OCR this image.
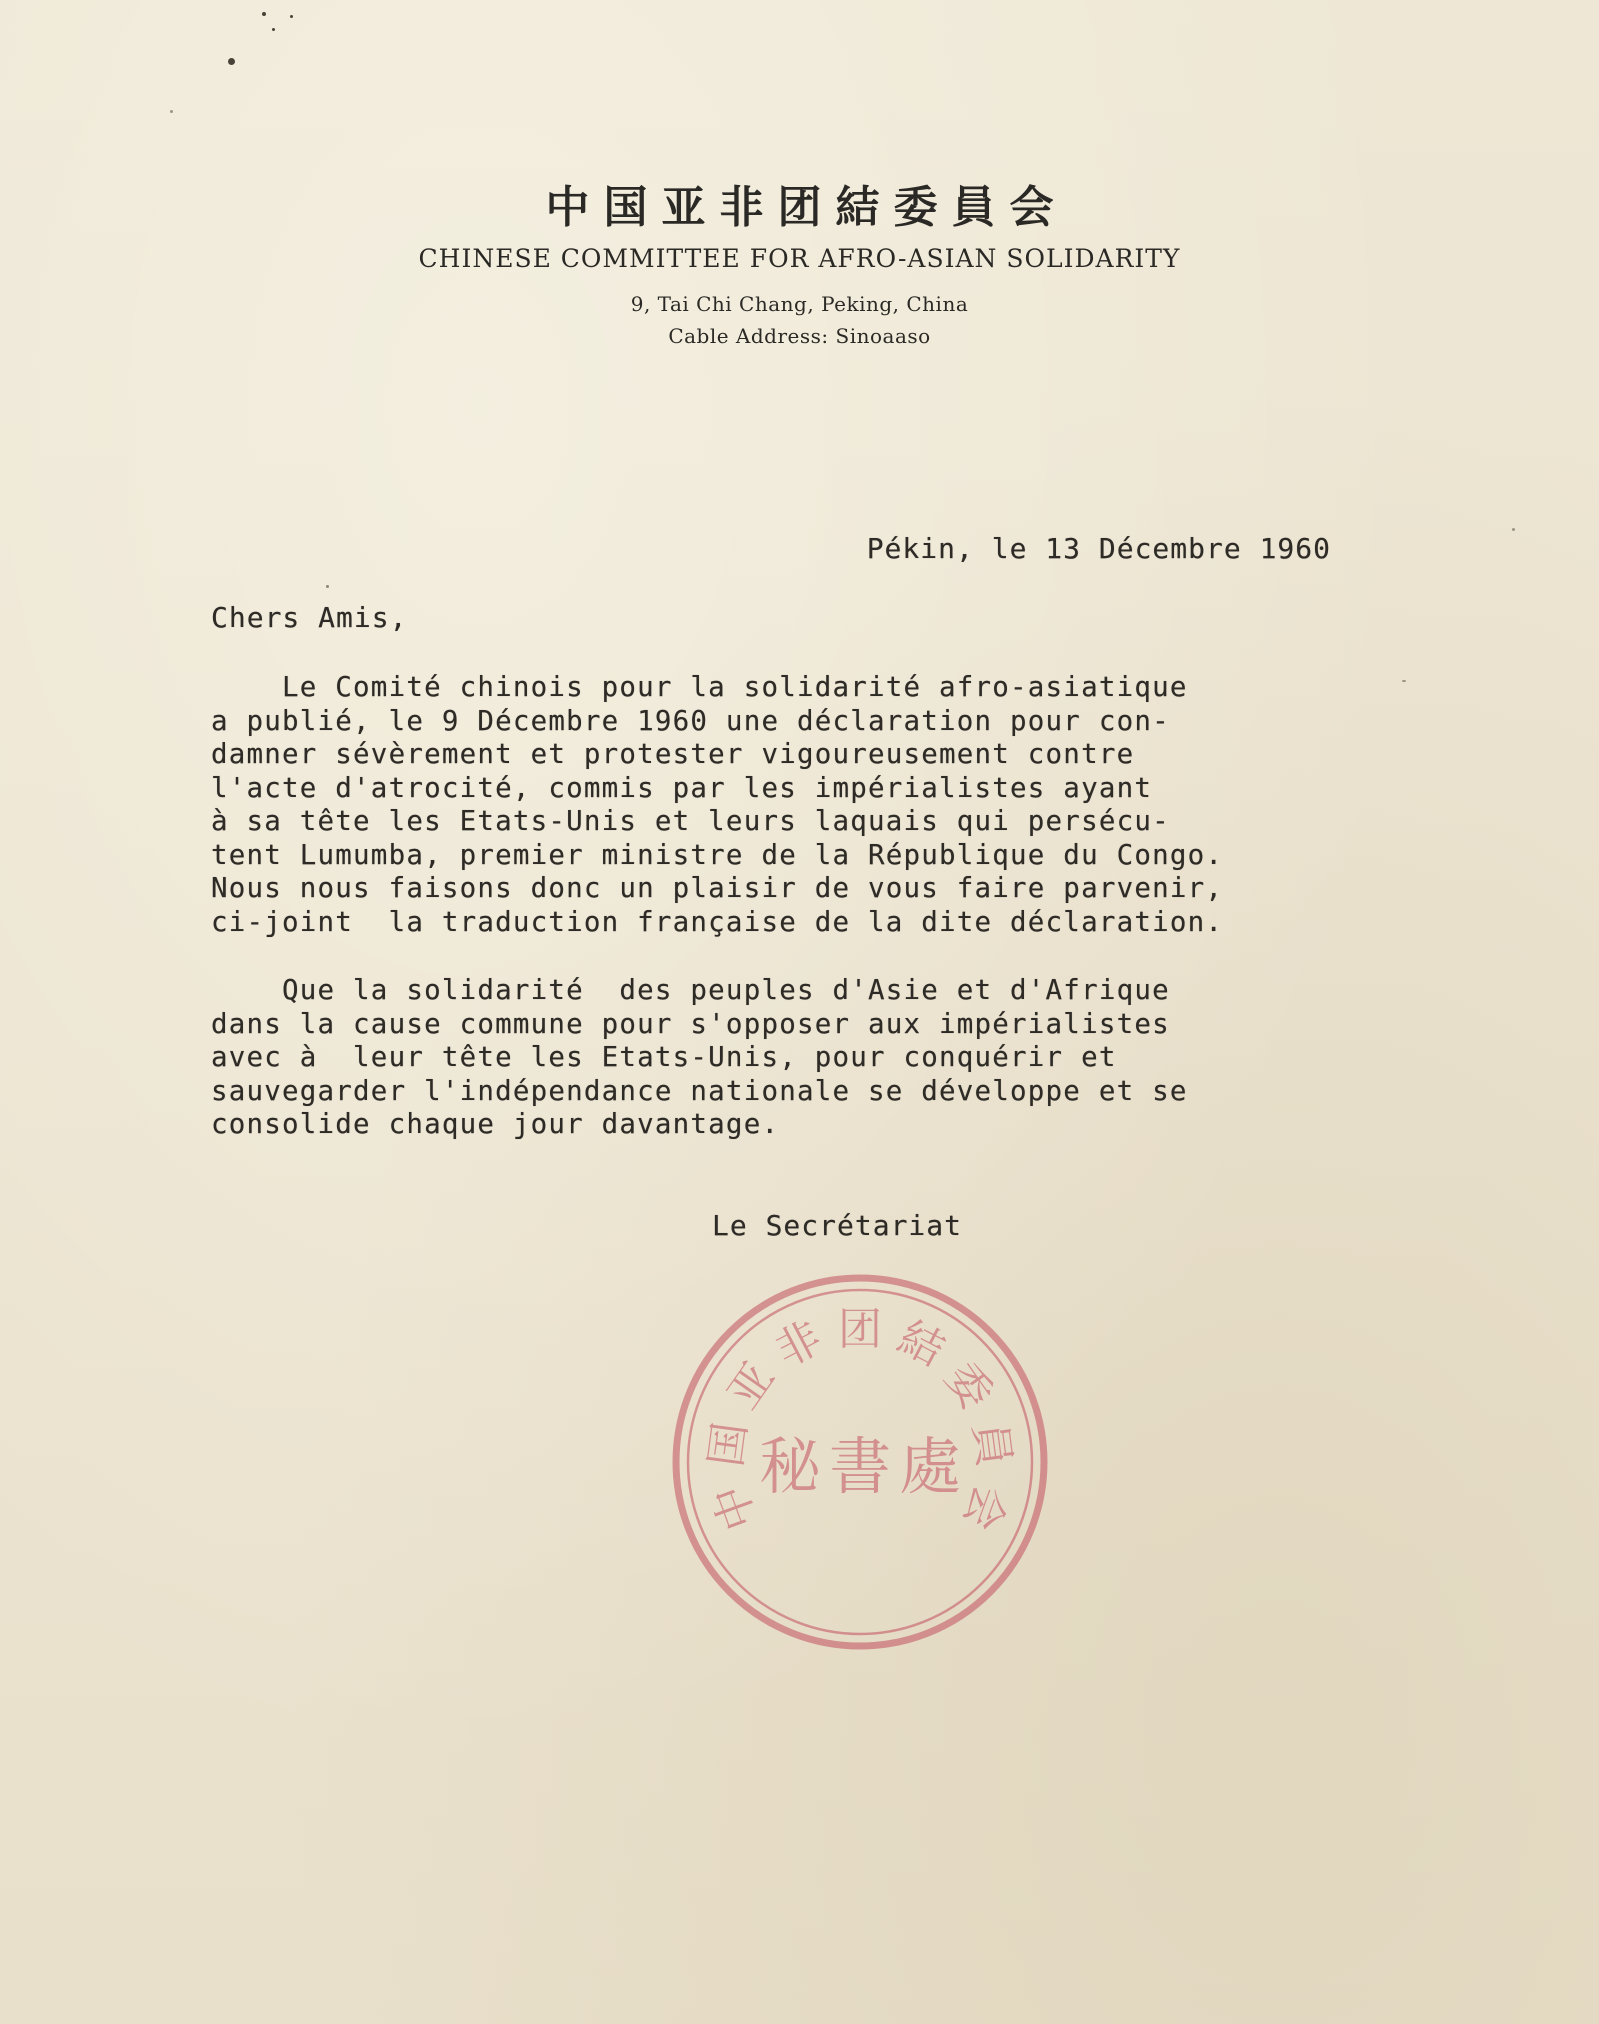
中国亚非团結委員会
CHINESE COMMITTEE FOR AFRO-ASIAN SOLIDARITY
9, Tai Chi Chang, Peking, China
Cable Address: Sinoaaso
Pékin, le 13 Décembre 1960
Chers Amis,
Le Comité chinois pour la solidarité afro-asiatique
a publié, le 9 Décembre 1960 une déclaration pour con-
damner sévèrement et protester vigoureusement contre
l'acte d'atrocité, commis par les impérialistes ayant
à sa tête les Etats-Unis et leurs laquais qui persécu-
tent Lumumba, premier ministre de la République du Congo.
Nous nous faisons donc un plaisir de vous faire parvenir,
ci-joint  la traduction française de la dite déclaration.
Que la solidarité  des peuples d'Asie et d'Afrique
dans la cause commune pour s'opposer aux impérialistes
avec à  leur tête les Etats-Unis, pour conquérir et
sauvegarder l'indépendance nationale se développe et se
consolide chaque jour davantage.
Le Secrétariat
中
国
亚
非 团 結
委
員
会
秘 書 處
